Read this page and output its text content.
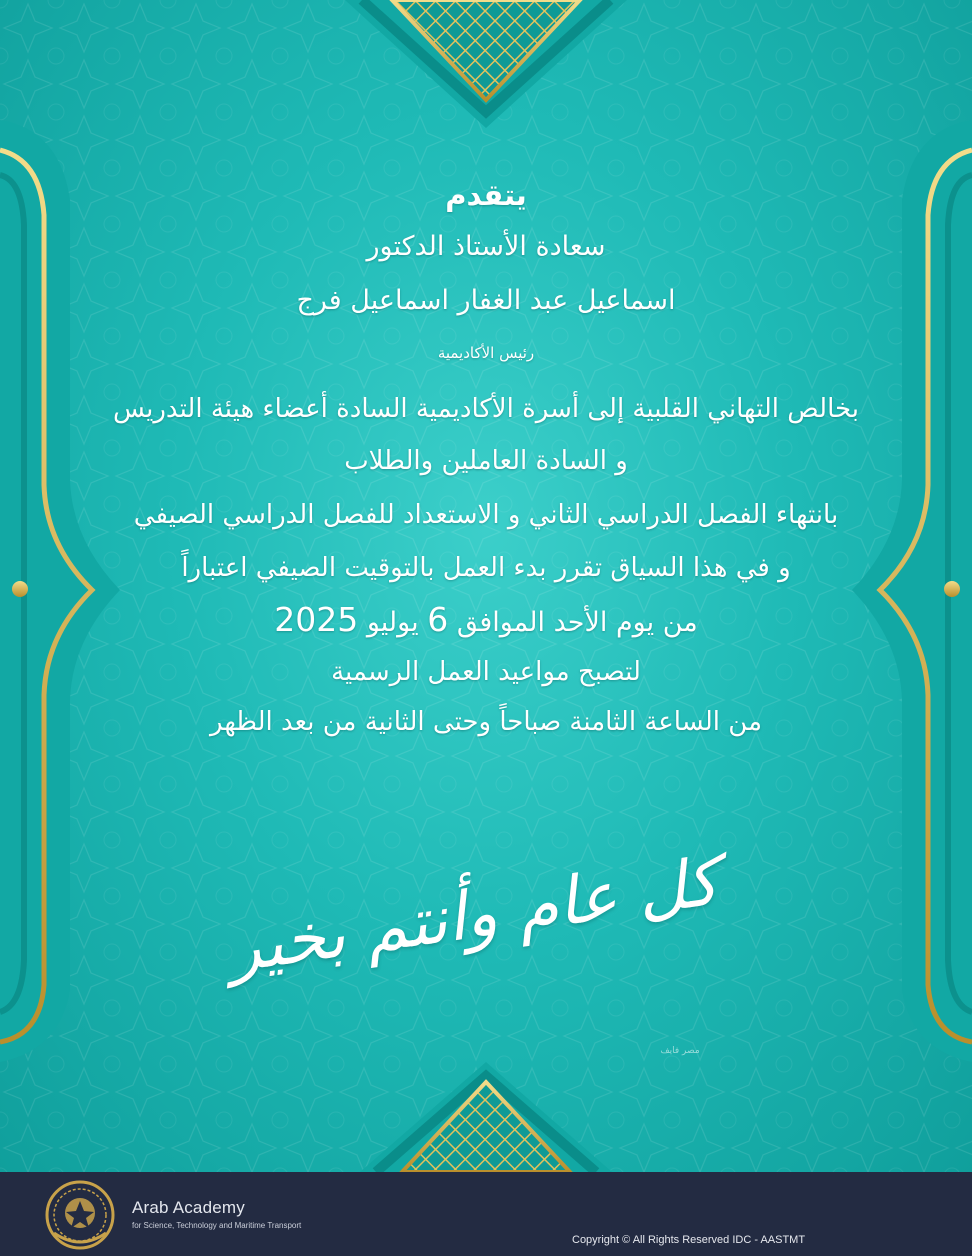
يتقدم

سعادة الأستاذ الدكتور

اسماعيل عبد الغفار اسماعيل فرج

رئيس الأكاديمية

بخالص التهاني القلبية إلى أسرة الأكاديمية السادة أعضاء هيئة التدريس

و السادة العاملين والطلاب

بانتهاء الفصل الدراسي الثاني و الاستعداد للفصل الدراسي الصيفي

و في هذا السياق تقرر بدء العمل بالتوقيت الصيفي اعتباراً

من يوم الأحد الموافق 6 يوليو 2025

لتصبح مواعيد العمل الرسمية

من الساعة الثامنة صباحاً وحتى الثانية من بعد الظهر

كل عام وأنتم بخير
مصر فايف

Arab Academy

for Science, Technology and Maritime Transport

Copyright © All Rights Reserved IDC - AASTMT
